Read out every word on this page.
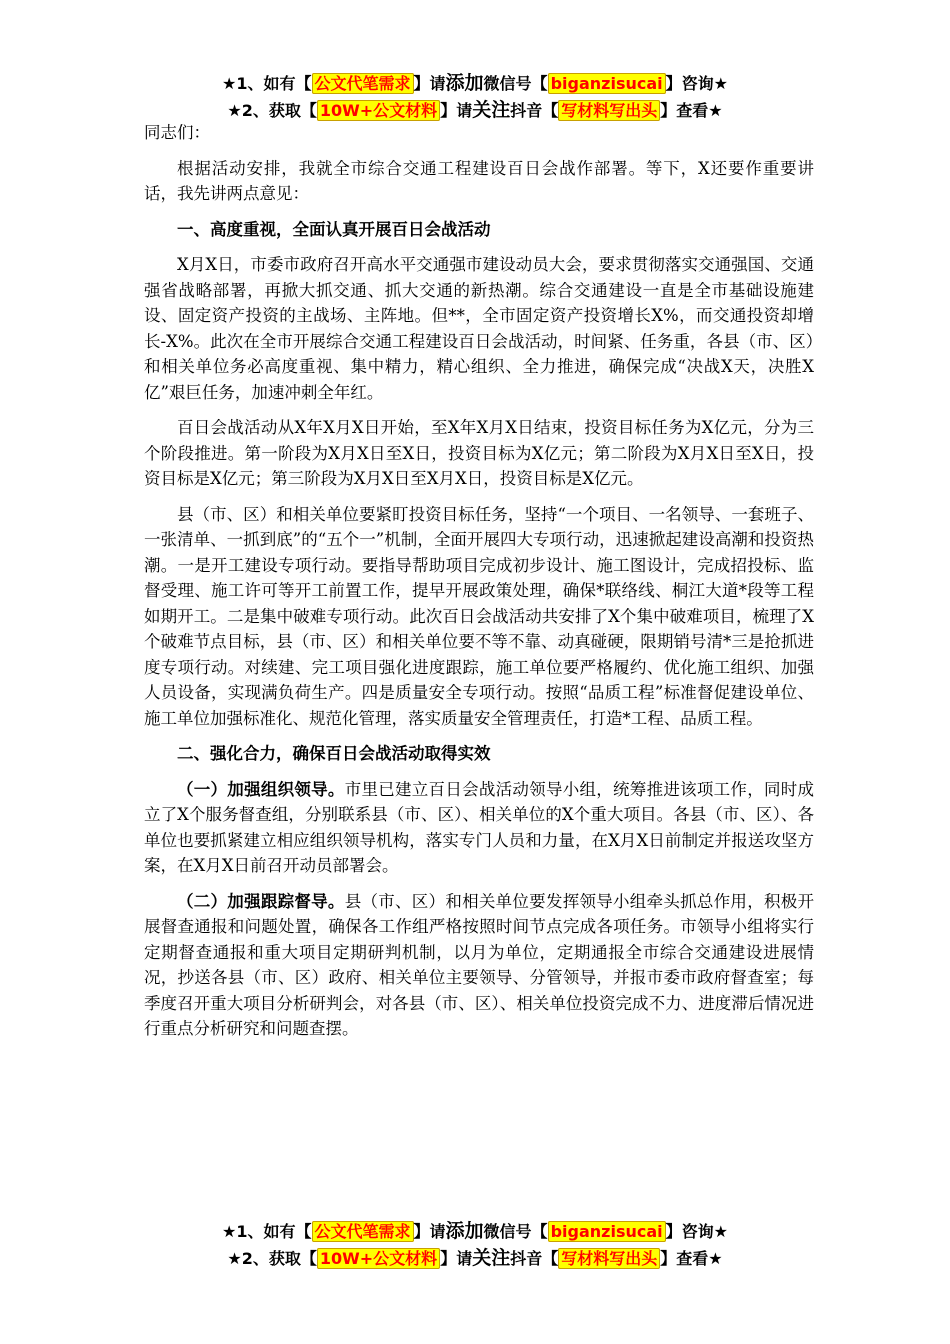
★1、如有【 公文代笔需求 】请添加微信号【 biganzisucai 】咨询★
★2、获取【 10W+公文材料 】请关注抖音【 写材料写出头 】查看★

同志们：

根据活动安排，我就全市综合交通工程建设百日会战作部署。等下，X还要作重要讲话，我先讲两点意见：

一、高度重视，全面认真开展百日会战活动

X月X日，市委市政府召开高水平交通强市建设动员大会，要求贯彻落实交通强国、交通强省战略部署，再掀大抓交通、抓大交通的新热潮。综合交通建设一直是全市基础设施建设、固定资产投资的主战场、主阵地。但**，全市固定资产投资增长X%，而交通投资却增长-X%。此次在全市开展综合交通工程建设百日会战活动，时间紧、任务重，各县（市、区）和相关单位务必高度重视、集中精力，精心组织、全力推进，确保完成“决战X天，决胜X亿”艰巨任务，加速冲刺全年红。

百日会战活动从X年X月X日开始，至X年X月X日结束，投资目标任务为X亿元，分为三个阶段推进。第一阶段为X月X日至X日，投资目标为X亿元；第二阶段为X月X日至X日，投资目标是X亿元；第三阶段为X月X日至X月X日，投资目标是X亿元。

县（市、区）和相关单位要紧盯投资目标任务，坚持“一个项目、一名领导、一套班子、一张清单、一抓到底”的“五个一”机制，全面开展四大专项行动，迅速掀起建设高潮和投资热潮。一是开工建设专项行动。要指导帮助项目完成初步设计、施工图设计，完成招投标、监督受理、施工许可等开工前置工作，提早开展政策处理，确保*联络线、桐江大道*段等工程如期开工。二是集中破难专项行动。此次百日会战活动共安排了X个集中破难项目，梳理了X个破难节点目标，县（市、区）和相关单位要不等不靠、动真碰硬，限期销号清*三是抢抓进度专项行动。对续建、完工项目强化进度跟踪，施工单位要严格履约、优化施工组织、加强人员设备，实现满负荷生产。四是质量安全专项行动。按照“品质工程”标准督促建设单位、施工单位加强标准化、规范化管理，落实质量安全管理责任，打造*工程、品质工程。

二、强化合力，确保百日会战活动取得实效

（一）加强组织领导。市里已建立百日会战活动领导小组，统筹推进该项工作，同时成立了X个服务督查组，分别联系县（市、区）、相关单位的X个重大项目。各县（市、区）、各单位也要抓紧建立相应组织领导机构，落实专门人员和力量，在X月X日前制定并报送攻坚方案，在X月X日前召开动员部署会。

（二）加强跟踪督导。县（市、区）和相关单位要发挥领导小组牵头抓总作用，积极开展督查通报和问题处置，确保各工作组严格按照时间节点完成各项任务。市领导小组将实行定期督查通报和重大项目定期研判机制，以月为单位，定期通报全市综合交通建设进展情况，抄送各县（市、区）政府、相关单位主要领导、分管领导，并报市委市政府督查室；每季度召开重大项目分析研判会，对各县（市、区）、相关单位投资完成不力、进度滞后情况进行重点分析研究和问题查摆。

★1、如有【 公文代笔需求 】请添加微信号【 biganzisucai 】咨询★
★2、获取【 10W+公文材料 】请关注抖音【 写材料写出头 】查看★
